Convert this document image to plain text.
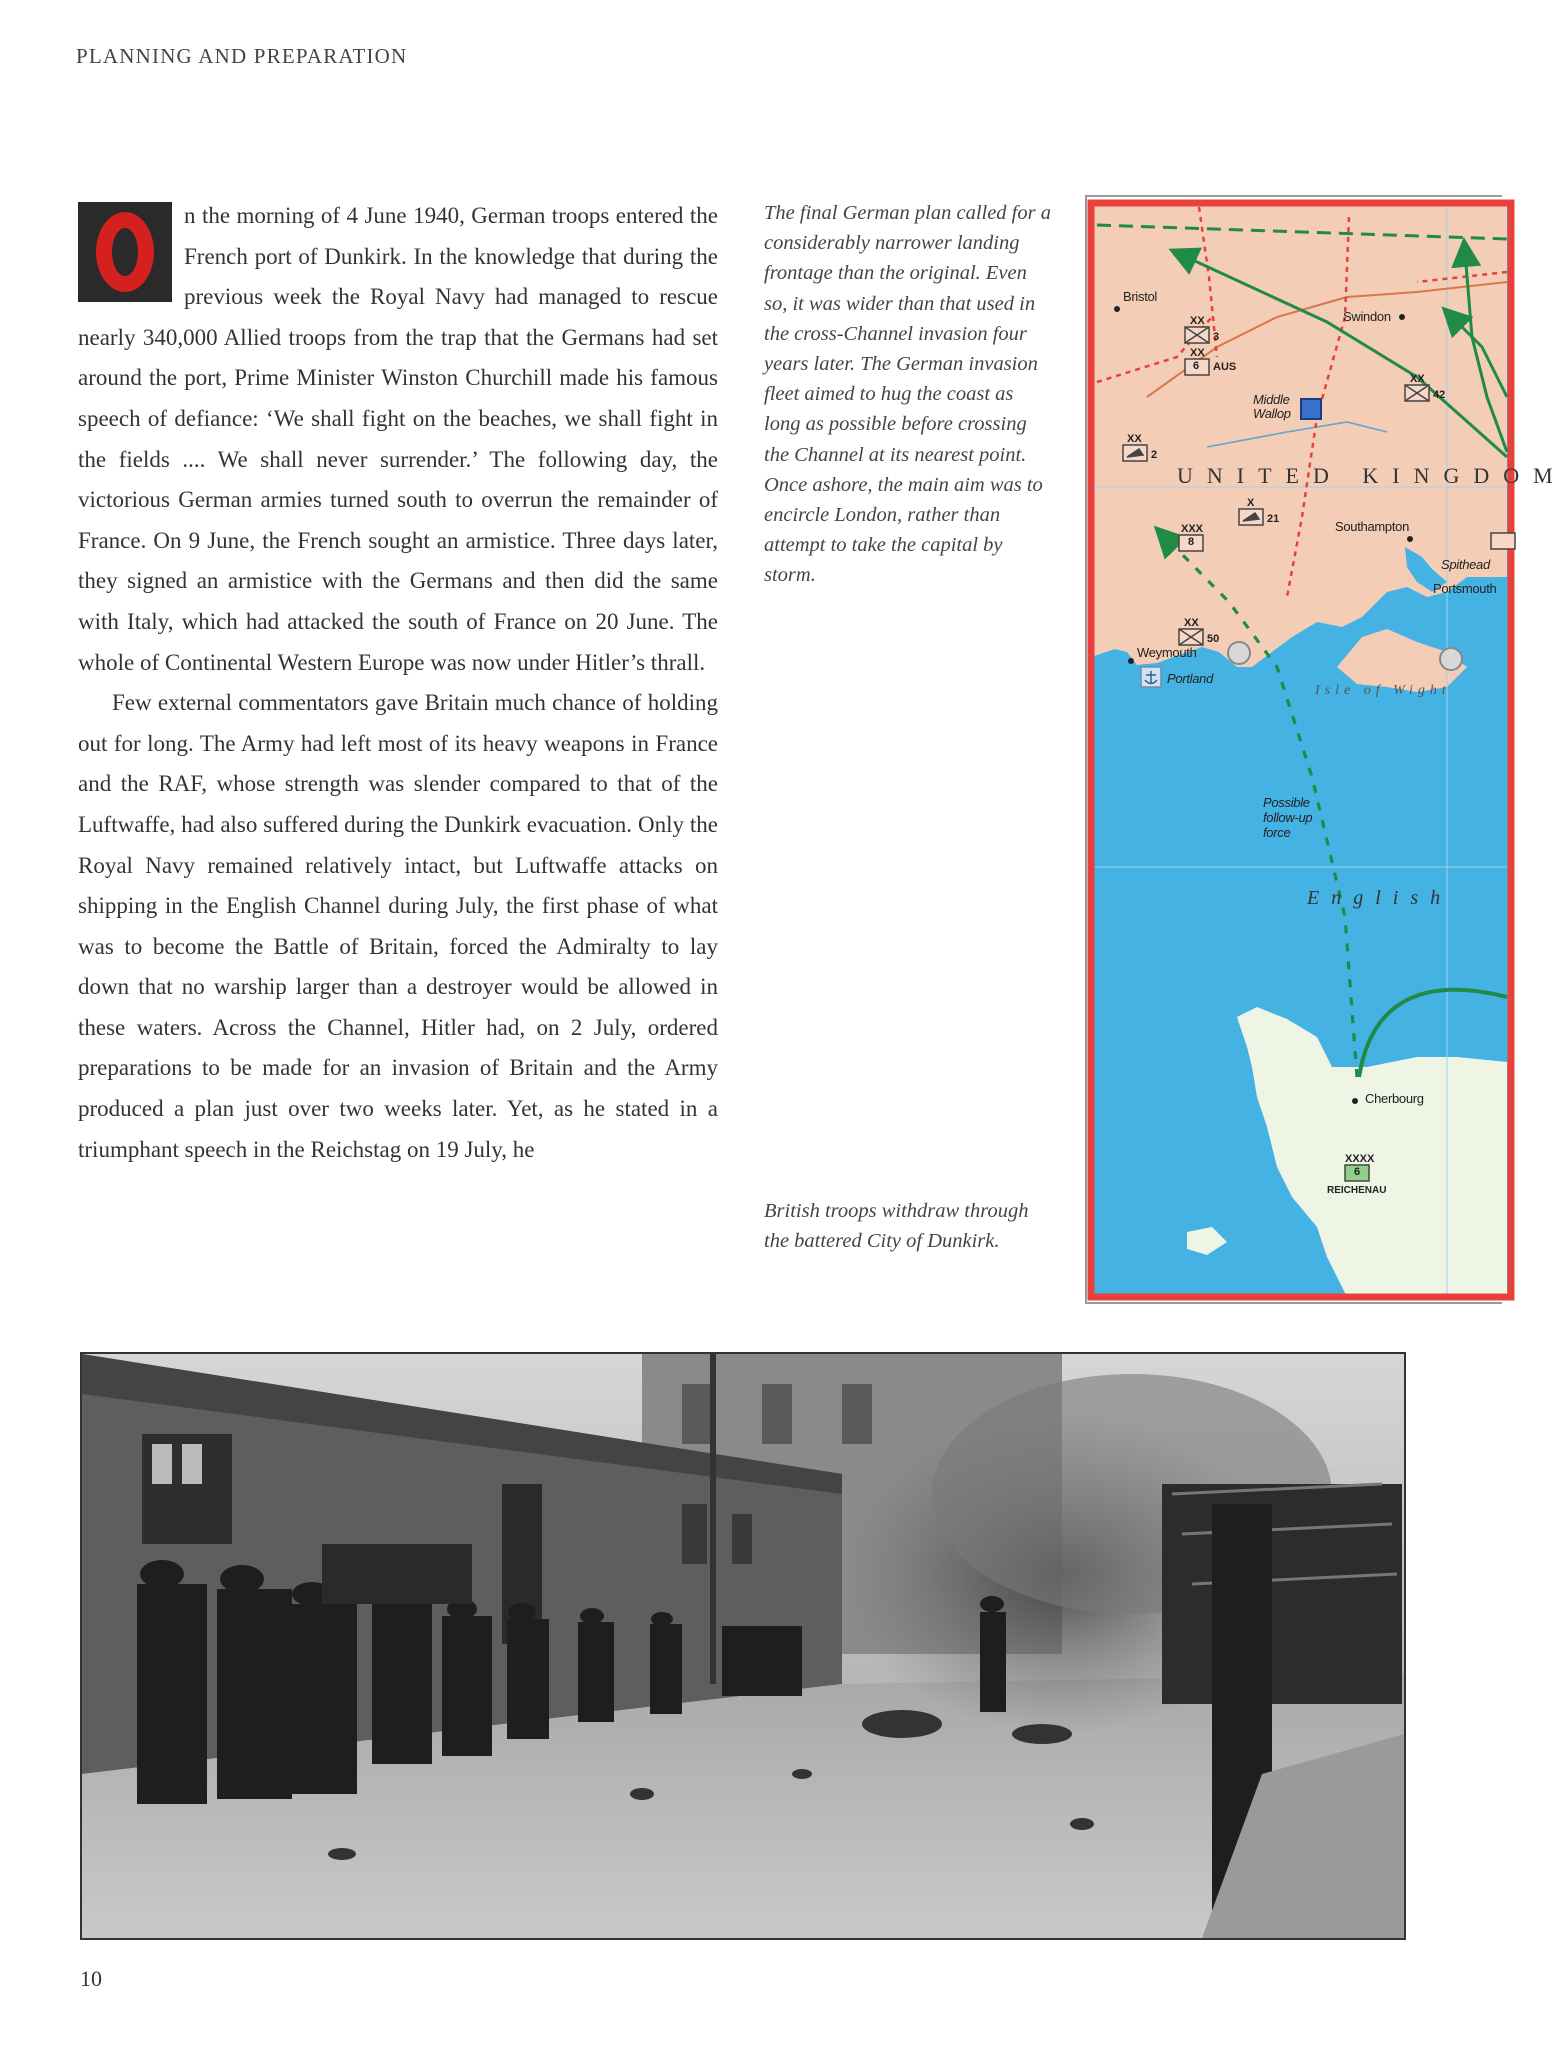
PLANNING AND PREPARATION

n the morning of 4 June 1940, German troops entered the French port of Dunkirk. In the knowledge that during the previous week the Royal Navy had managed to rescue nearly 340,000 Allied troops from the trap that the Germans had set around the port, Prime Minister Winston Churchill made his famous speech of defiance: ‘We shall fight on the beaches, we shall fight in the fields .... We shall never surrender.’ The following day, the victorious German armies turned south to overrun the remainder of France. On 9 June, the French sought an armistice. Three days later, they signed an armistice with the Germans and then did the same with Italy, which had attacked the south of France on 20 June. The whole of Continental Western Europe was now under Hitler’s thrall.

Few external commentators gave Britain much chance of holding out for long. The Army had left most of its heavy weapons in France and the RAF, whose strength was slender compared to that of the Luftwaffe, had also suffered during the Dunkirk evacuation. Only the Royal Navy remained relatively intact, but Luftwaffe attacks on shipping in the English Channel during July, the first phase of what was to become the Battle of Britain, forced the Admiralty to lay down that no warship larger than a destroyer would be allowed in these waters. Across the Channel, Hitler had, on 2 July, ordered preparations to be made for an invasion of Britain and the Army produced a plan just over two weeks later. Yet, as he stated in a triumphant speech in the Reichstag on 19 July, he

The final German plan called for a considerably narrower landing frontage than the original. Even so, it was wider than that used in the cross-Channel invasion four years later. The German invasion fleet aimed to hug the coast as long as possible before crossing the Channel at its nearest point. Once ashore, the main aim was to encircle London, rather than attempt to take the capital by storm.
British troops withdraw through the battered City of Dunkirk.
Bristol
Swindon
Middle Wallop
UNITED KINGDOM
Southampton
Spithead
Portsmouth
Weymouth
Portland
Isle of Wight
Possible follow-up force
English
Cherbourg
XX
3
XX
6 AUS
XX
42
XX
2
X
21
XXX
8
XX
50
XXXX
6
REICHENAU
10
